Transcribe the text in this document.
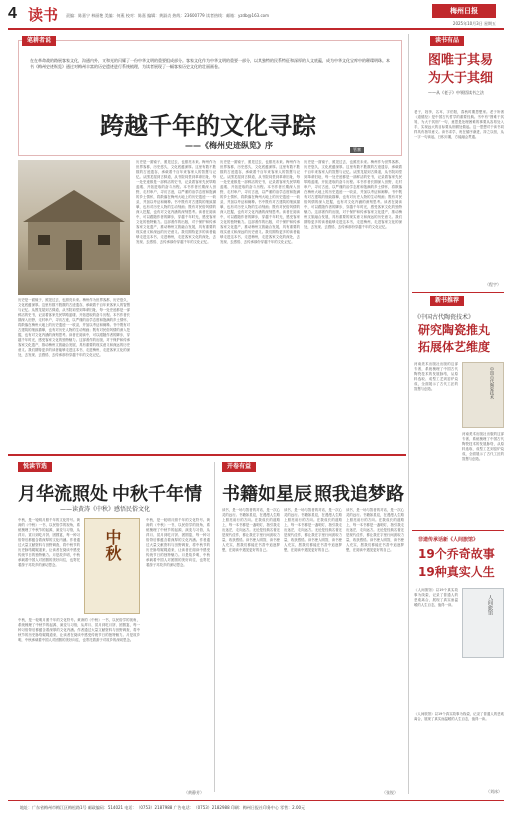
4 读书 责编：陈嘉宁 林丽艳 美编：何燕 校对：陈嘉 编辑：黄淑贞 热线：23600779 读者热线：邮箱：yzdb@163.com
梅州日报
2025年10月3日 星期五
笔耕者说
在在革命战的路展客家文化，沟通内外，又和光的闪耀了一份中华文明的重要组成部分。客家文化作为中华文明的重要一部分，以其独特的民系特征和深厚的人文底蕴，成为中华文化宝库中的璀璨明珠。本书《梅州史迹纵览》通过对梅州丰富的历史遗迹进行系统梳理，为读者展现了一幅客家历史文化的壮丽画卷。
跨越千年的文化寻踪
——《梅州史迹纵览》序	管寨
历史是一面镜子，照见过去，也照亮未来。梅州作为世界客都，历史悠久，文化底蕴深厚。这里有数不胜数的古迹遗存，承载着千百年来客家人的智慧与记忆。从围龙屋到古驿道，从书院祠堂到革命旧址，每一处史迹都是一部鲜活的史书，记录着客家先民筚路蓝缕、开拓进取的奋斗历程。本书作者长期深入田野，走村串户，寻访古迹，以严谨的治学态度和饱满的乡土情怀，将散落在梅州大地上的历史遗迹一一收录，并加以考证和阐释。书中既有对古建筑的细致描摹，也有对历史人物的生动刻画；既有对民俗风情的深入挖掘，也有对文化内涵的深刻思考。读者在阅读中，可以跟随作者的脚步，穿越千年时光，感受客家文化的独特魅力。这部著作的出版，对于保护和传承客家文化遗产，推动梅州文旅融合发展，具有重要的现实意义和深远的历史意义。我们期待更多的读者能够走进这本书，走进梅州，走进客家文化的深处，去发现、去感悟、去传承那份穿越千年的文化记忆。
历史是一面镜子，照见过去，也照亮未来。梅州作为世界客都，历史悠久，文化底蕴深厚。这里有数不胜数的古迹遗存，承载着千百年来客家人的智慧与记忆。从围龙屋到古驿道，从书院祠堂到革命旧址，每一处史迹都是一部鲜活的史书，记录着客家先民筚路蓝缕、开拓进取的奋斗历程。本书作者长期深入田野，走村串户，寻访古迹，以严谨的治学态度和饱满的乡土情怀，将散落在梅州大地上的历史遗迹一一收录，并加以考证和阐释。书中既有对古建筑的细致描摹，也有对历史人物的生动刻画；既有对民俗风情的深入挖掘，也有对文化内涵的深刻思考。读者在阅读中，可以跟随作者的脚步，穿越千年时光，感受客家文化的独特魅力。这部著作的出版，对于保护和传承客家文化遗产，推动梅州文旅融合发展，具有重要的现实意义和深远的历史意义。我们期待更多的读者能够走进这本书，走进梅州，走进客家文化的深处，去发现、去感悟、去传承那份穿越千年的文化记忆。
历史是一面镜子，照见过去，也照亮未来。梅州作为世界客都，历史悠久，文化底蕴深厚。这里有数不胜数的古迹遗存，承载着千百年来客家人的智慧与记忆。从围龙屋到古驿道，从书院祠堂到革命旧址，每一处史迹都是一部鲜活的史书，记录着客家先民筚路蓝缕、开拓进取的奋斗历程。本书作者长期深入田野，走村串户，寻访古迹，以严谨的治学态度和饱满的乡土情怀，将散落在梅州大地上的历史遗迹一一收录，并加以考证和阐释。书中既有对古建筑的细致描摹，也有对历史人物的生动刻画；既有对民俗风情的深入挖掘，也有对文化内涵的深刻思考。读者在阅读中，可以跟随作者的脚步，穿越千年时光，感受客家文化的独特魅力。这部著作的出版，对于保护和传承客家文化遗产，推动梅州文旅融合发展，具有重要的现实意义和深远的历史意义。我们期待更多的读者能够走进这本书，走进梅州，走进客家文化的深处，去发现、去感悟、去传承那份穿越千年的文化记忆。
历史是一面镜子，照见过去，也照亮未来。梅州作为世界客都，历史悠久，文化底蕴深厚。这里有数不胜数的古迹遗存，承载着千百年来客家人的智慧与记忆。从围龙屋到古驿道，从书院祠堂到革命旧址，每一处史迹都是一部鲜活的史书，记录着客家先民筚路蓝缕、开拓进取的奋斗历程。本书作者长期深入田野，走村串户，寻访古迹，以严谨的治学态度和饱满的乡土情怀，将散落在梅州大地上的历史遗迹一一收录，并加以考证和阐释。书中既有对古建筑的细致描摹，也有对历史人物的生动刻画；既有对民俗风情的深入挖掘，也有对文化内涵的深刻思考。读者在阅读中，可以跟随作者的脚步，穿越千年时光，感受客家文化的独特魅力。这部著作的出版，对于保护和传承客家文化遗产，推动梅州文旅融合发展，具有重要的现实意义和深远的历史意义。我们期待更多的读者能够走进这本书，走进梅州，走进客家文化的深处，去发现、去感悟、去传承那份穿越千年的文化记忆。
读书有品
图唯于其易
为大于其细
——从《老子》中领悟读书之法
老子，姓李，名耳，字伯阳，春秋时期思想家。老子所著《道德经》是中国古代哲学的重要经典。书中有“图难于其易，为大于其细”一句，意思是处理困难的事要从容易处入手，实现远大的目标要从细微处做起。这一思想对于读书同样具有指导意义。读书求学，贵在循序渐进、持之以恒，从一字一句读起，日积月累，方能融会贯通。
（程宇）
新书推荐
《中国古代陶瓷技术》
研究陶瓷推丸
拓展体艺维度
河南美术出版社出版的这部专著，系统梳理了中国古代陶瓷技术的发展脉络，从原料选取、成型工艺到窑炉烧成，全面展示了古代工匠的智慧与创造。	中国古代陶瓷技术
河南美术出版社出版的这部专著，系统梳理了中国古代陶瓷技术的发展脉络，从原料选取、成型工艺到窑炉烧成，全面展示了古代工匠的智慧与创造。
非遗传承话新《人间旅馆》
19个乔奇故事
19种真实人生
《人间旅馆》以19个真实故事为线索，记录了普通人的悲欢离合，展现了真实而温暖的人生百态，值得一读。	人间旅馆
《人间旅馆》以19个真实故事为线索，记录了普通人的悲欢离合，展现了真实而温暖的人生百态，值得一读。
（刘冰）
悦读节选
月华流照处 中秋千年情
——读黄涛《中秋》感悟民俗文化
中秋
中秋，是一轮明月照千年的文化符号。黄涛的《中秋》一书，以民俗学的视角，系统梳理了中秋节的起源、演变与习俗，从拜月、赏月到吃月饼、团圆宴，每一种习俗背后都蕴含着深厚的文化内涵。作者通过大量文献资料与田野调查，将中秋节的历史脉络娓娓道来，让读者在阅读中感受传统节日的独特魅力。月是故乡明，中秋承载着中国人对团圆的美好向往，也寄托着游子对故乡的深切思念。
中秋，是一轮明月照千年的文化符号。黄涛的《中秋》一书，以民俗学的视角，系统梳理了中秋节的起源、演变与习俗，从拜月、赏月到吃月饼、团圆宴，每一种习俗背后都蕴含着深厚的文化内涵。作者通过大量文献资料与田野调查，将中秋节的历史脉络娓娓道来，让读者在阅读中感受传统节日的独特魅力。月是故乡明，中秋承载着中国人对团圆的美好向往，也寄托着游子对故乡的深切思念。
中秋，是一轮明月照千年的文化符号。黄涛的《中秋》一书，以民俗学的视角，系统梳理了中秋节的起源、演变与习俗，从拜月、赏月到吃月饼、团圆宴，每一种习俗背后都蕴含着深厚的文化内涵。作者通过大量文献资料与田野调查，将中秋节的历史脉络娓娓道来，让读者在阅读中感受传统节日的独特魅力。月是故乡明，中秋承载着中国人对团圆的美好向往，也寄托着游子对故乡的深切思念。
（黄静芳）
开卷有益
书籍如星辰 照我追梦路
读书，是一场与智者的对话，是一次心灵的远行。书籍如星辰，在漫漫人生路上照亮前行的方向。在我成长的道路上，每一本书都是一盏明灯，指引我走出迷茫，走向远方。无论是经典名著还是现代佳作，都让我在字里行间汲取力量，收获感悟。读书使人明智，读书使人充实，愿我们都能在书香中追逐梦想，在阅读中遇见更好的自己。
读书，是一场与智者的对话，是一次心灵的远行。书籍如星辰，在漫漫人生路上照亮前行的方向。在我成长的道路上，每一本书都是一盏明灯，指引我走出迷茫，走向远方。无论是经典名著还是现代佳作，都让我在字里行间汲取力量，收获感悟。读书使人明智，读书使人充实，愿我们都能在书香中追逐梦想，在阅读中遇见更好的自己。
读书，是一场与智者的对话，是一次心灵的远行。书籍如星辰，在漫漫人生路上照亮前行的方向。在我成长的道路上，每一本书都是一盏明灯，指引我走出迷茫，走向远方。无论是经典名著还是现代佳作，都让我在字里行间汲取力量，收获感悟。读书使人明智，读书使人充实，愿我们都能在书香中追逐梦想，在阅读中遇见更好的自己。
（张锐）
地址：广东省梅州市梅江区梅松路1号 邮政编码：514021 电话：（0753）2187988 广告电话：（0753）2182988 印刷：梅州日报社印务中心 零售：2.00元
